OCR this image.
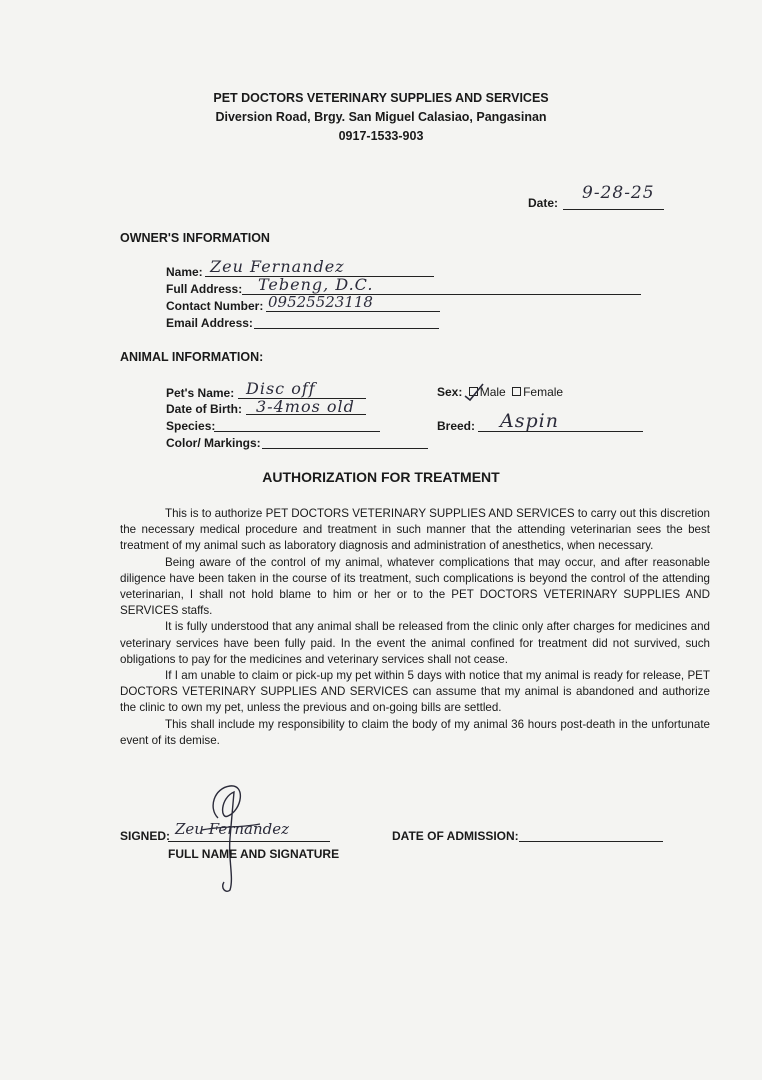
PET DOCTORS VETERINARY SUPPLIES AND SERVICES
Diversion Road, Brgy. San Miguel Calasiao, Pangasinan
0917-1533-903
Date: 9-28-25
OWNER'S INFORMATION
Name: Zeu Fernandez
Full Address: Tebeng, D.C.
Contact Number: 09525523118
Email Address:
ANIMAL INFORMATION:
Pet's Name: Disc off
Date of Birth: 3-4mos old
Species:
Color/ Markings:
Sex: Male Female
Breed: Aspin
AUTHORIZATION FOR TREATMENT

This is to authorize PET DOCTORS VETERINARY SUPPLIES AND SERVICES to carry out this discretion the necessary medical procedure and treatment in such manner that the attending veterinarian sees the best treatment of my animal such as laboratory diagnosis and administration of anesthetics, when necessary.

Being aware of the control of my animal, whatever complications that may occur, and after reasonable diligence have been taken in the course of its treatment, such complications is beyond the control of the attending veterinarian, I shall not hold blame to him or her or to the PET DOCTORS VETERINARY SUPPLIES AND SERVICES staffs.

It is fully understood that any animal shall be released from the clinic only after charges for medicines and veterinary services have been fully paid. In the event the animal confined for treatment did not survived, such obligations to pay for the medicines and veterinary services shall not cease.

If I am unable to claim or pick-up my pet within 5 days with notice that my animal is ready for release, PET DOCTORS VETERINARY SUPPLIES AND SERVICES can assume that my animal is abandoned and authorize the clinic to own my pet, unless the previous and on-going bills are settled.

This shall include my responsibility to claim the body of my animal 36 hours post-death in the unfortunate event of its demise.

SIGNED: Zeu Fernandez
FULL NAME AND SIGNATURE
DATE OF ADMISSION:
